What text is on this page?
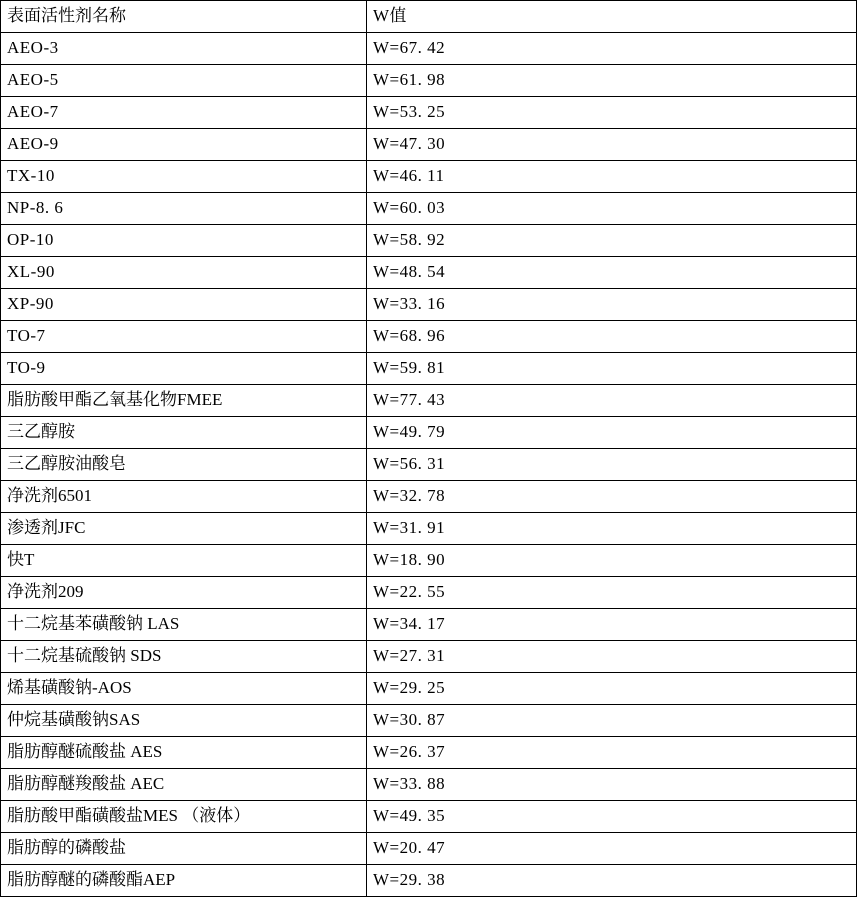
表面活性剂名称	W值
AEO-3	W=67. 42
AEO-5	W=61. 98
AEO-7	W=53. 25
AEO-9	W=47. 30
TX-10	W=46. 11
NP-8. 6	W=60. 03
OP-10	W=58. 92
XL-90	W=48. 54
XP-90	W=33. 16
TO-7	W=68. 96
TO-9	W=59. 81
脂肪酸甲酯乙氧基化物FMEE	W=77. 43
三乙醇胺	W=49. 79
三乙醇胺油酸皂	W=56. 31
净洗剂6501	W=32. 78
渗透剂JFC	W=31. 91
快T	W=18. 90
净洗剂209	W=22. 55
十二烷基苯磺酸钠 LAS	W=34. 17
十二烷基硫酸钠 SDS	W=27. 31
烯基磺酸钠-AOS	W=29. 25
仲烷基磺酸钠SAS	W=30. 87
脂肪醇醚硫酸盐 AES	W=26. 37
脂肪醇醚羧酸盐 AEC	W=33. 88
脂肪酸甲酯磺酸盐MES （液体）	W=49. 35
脂肪醇的磷酸盐	W=20. 47
脂肪醇醚的磷酸酯AEP	W=29. 38
